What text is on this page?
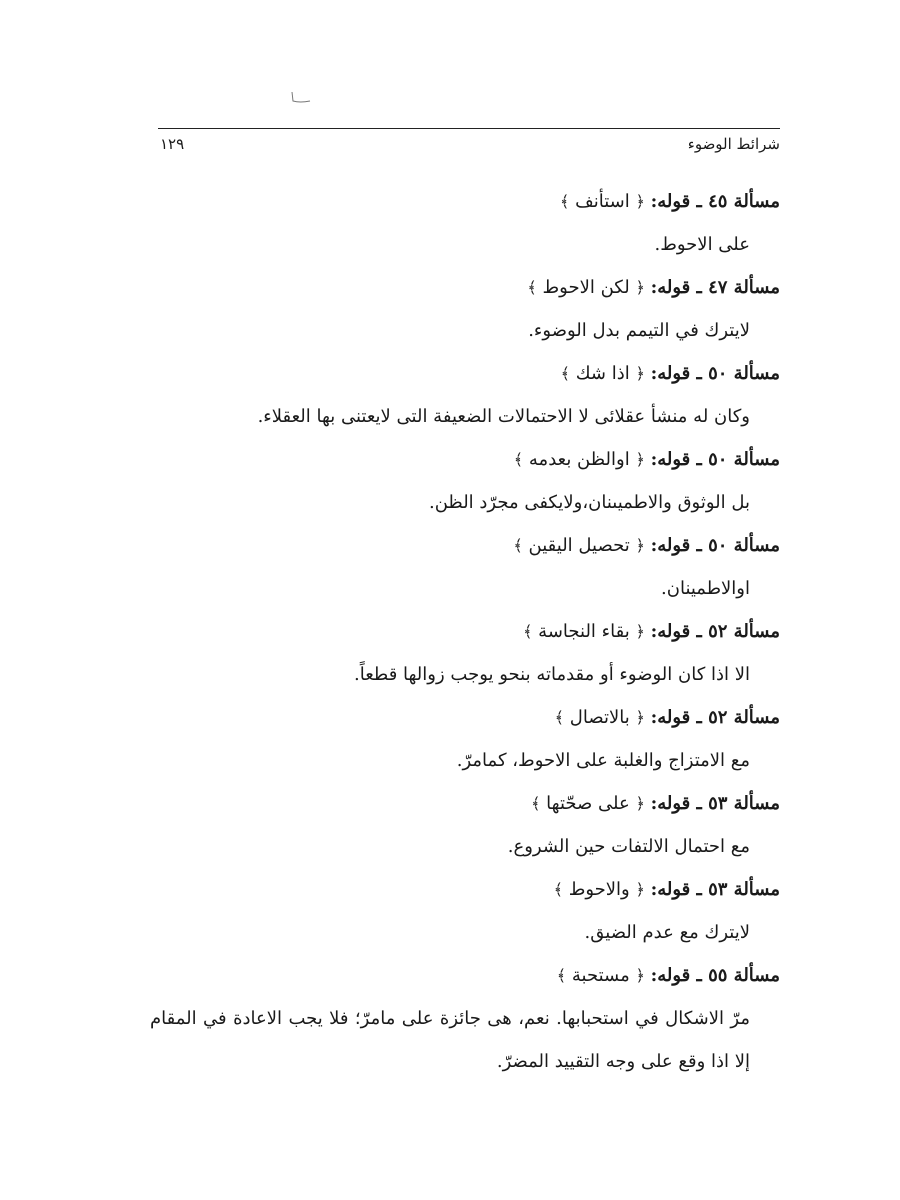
شرائط الوضوء
١٢٩
مسألة ٤٥ ـ قوله: ﴿ استأنف ﴾
على الاحوط.
مسألة ٤٧ ـ قوله: ﴿ لكن الاحوط ﴾
لايترك في التيمم بدل الوضوء.
مسألة ٥٠ ـ قوله: ﴿ اذا شك ﴾
وكان له منشأ عقلائى لا الاحتمالات الضعيفة التى لايعتنى بها العقلاء.
مسألة ٥٠ ـ قوله: ﴿ اوالظن بعدمه ﴾
بل الوثوق والاطميىنان،ولايكفى مجرّد الظن.
مسألة ٥٠ ـ قوله: ﴿ تحصيل اليقين ﴾
اوالاطمينان.
مسألة ٥٢ ـ قوله: ﴿ بقاء النجاسة ﴾
الا اذا كان الوضوء أو مقدماته بنحو يوجب زوالها قطعاً.
مسألة ٥٢ ـ قوله: ﴿ بالاتصال ﴾
مع الامتزاج والغلبة على الاحوط، كمامرّ.
مسألة ٥٣ ـ قوله: ﴿ على صحّتها ﴾
مع احتمال الالتفات حين الشروع.
مسألة ٥٣ ـ قوله: ﴿ والاحوط ﴾
لايترك مع عدم الضيق.
مسألة ٥٥ ـ قوله: ﴿ مستحبة ﴾
مرّ الاشكال في استحبابها. نعم، هى جائزة على مامرّ؛ فلا يجب الاعادة في المقام إلا اذا وقع على وجه التقييد المضرّ.
